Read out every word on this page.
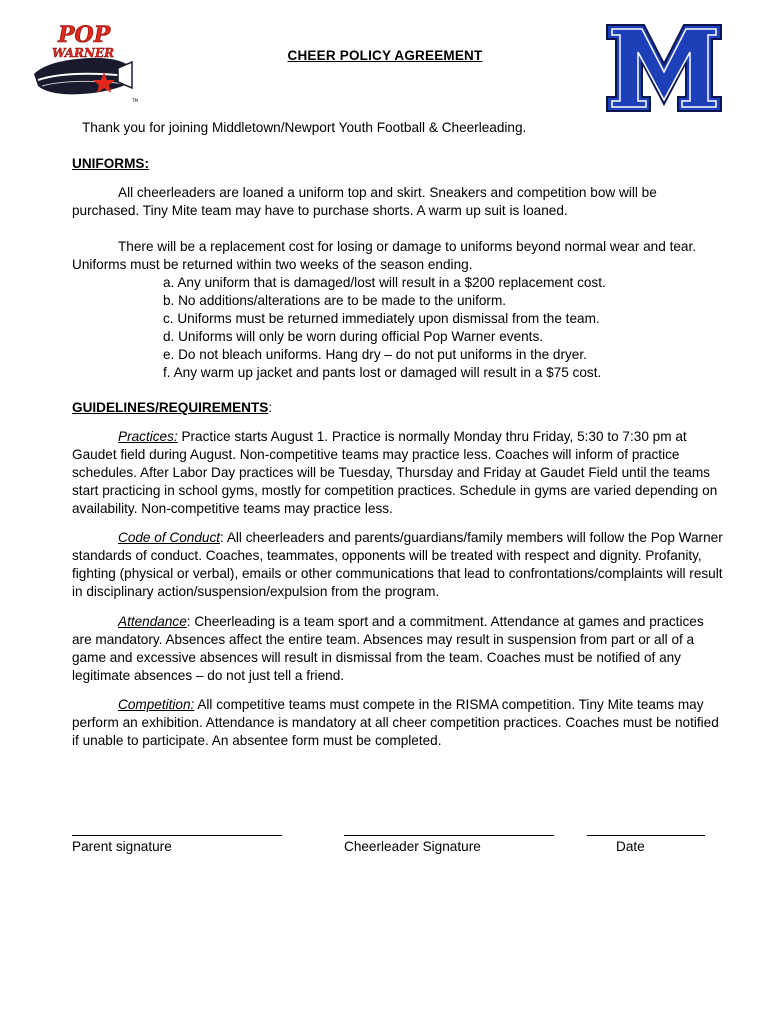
POP
WARNER
LITTLE SCHOLARS
TM
CHEER POLICY AGREEMENT
Thank you for joining Middletown/Newport Youth Football & Cheerleading.
UNIFORMS:
All cheerleaders are loaned a uniform top and skirt. Sneakers and competition bow will be purchased. Tiny Mite team may have to purchase shorts. A warm up suit is loaned.
There will be a replacement cost for losing or damage to uniforms beyond normal wear and tear. Uniforms must be returned within two weeks of the season ending.
a. Any uniform that is damaged/lost will result in a $200 replacement cost.
b. No additions/alterations are to be made to the uniform.
c. Uniforms must be returned immediately upon dismissal from the team.
d. Uniforms will only be worn during official Pop Warner events.
e. Do not bleach uniforms. Hang dry – do not put uniforms in the dryer.
f. Any warm up jacket and pants lost or damaged will result in a $75 cost.
GUIDELINES/REQUIREMENTS:
Practices: Practice starts August 1. Practice is normally Monday thru Friday, 5:30 to 7:30 pm at Gaudet field during August. Non-competitive teams may practice less. Coaches will inform of practice schedules. After Labor Day practices will be Tuesday, Thursday and Friday at Gaudet Field until the teams start practicing in school gyms, mostly for competition practices. Schedule in gyms are varied depending on availability. Non-competitive teams may practice less.
Code of Conduct: All cheerleaders and parents/guardians/family members will follow the Pop Warner standards of conduct. Coaches, teammates, opponents will be treated with respect and dignity. Profanity, fighting (physical or verbal), emails or other communications that lead to confrontations/complaints will result in disciplinary action/suspension/expulsion from the program.
Attendance: Cheerleading is a team sport and a commitment. Attendance at games and practices are mandatory. Absences affect the entire team. Absences may result in suspension from part or all of a game and excessive absences will result in dismissal from the team. Coaches must be notified of any legitimate absences – do not just tell a friend.
Competition: All competitive teams must compete in the RISMA competition. Tiny Mite teams may perform an exhibition. Attendance is mandatory at all cheer competition practices. Coaches must be notified if unable to participate. An absentee form must be completed.
Parent signature	Cheerleader Signature	Date
